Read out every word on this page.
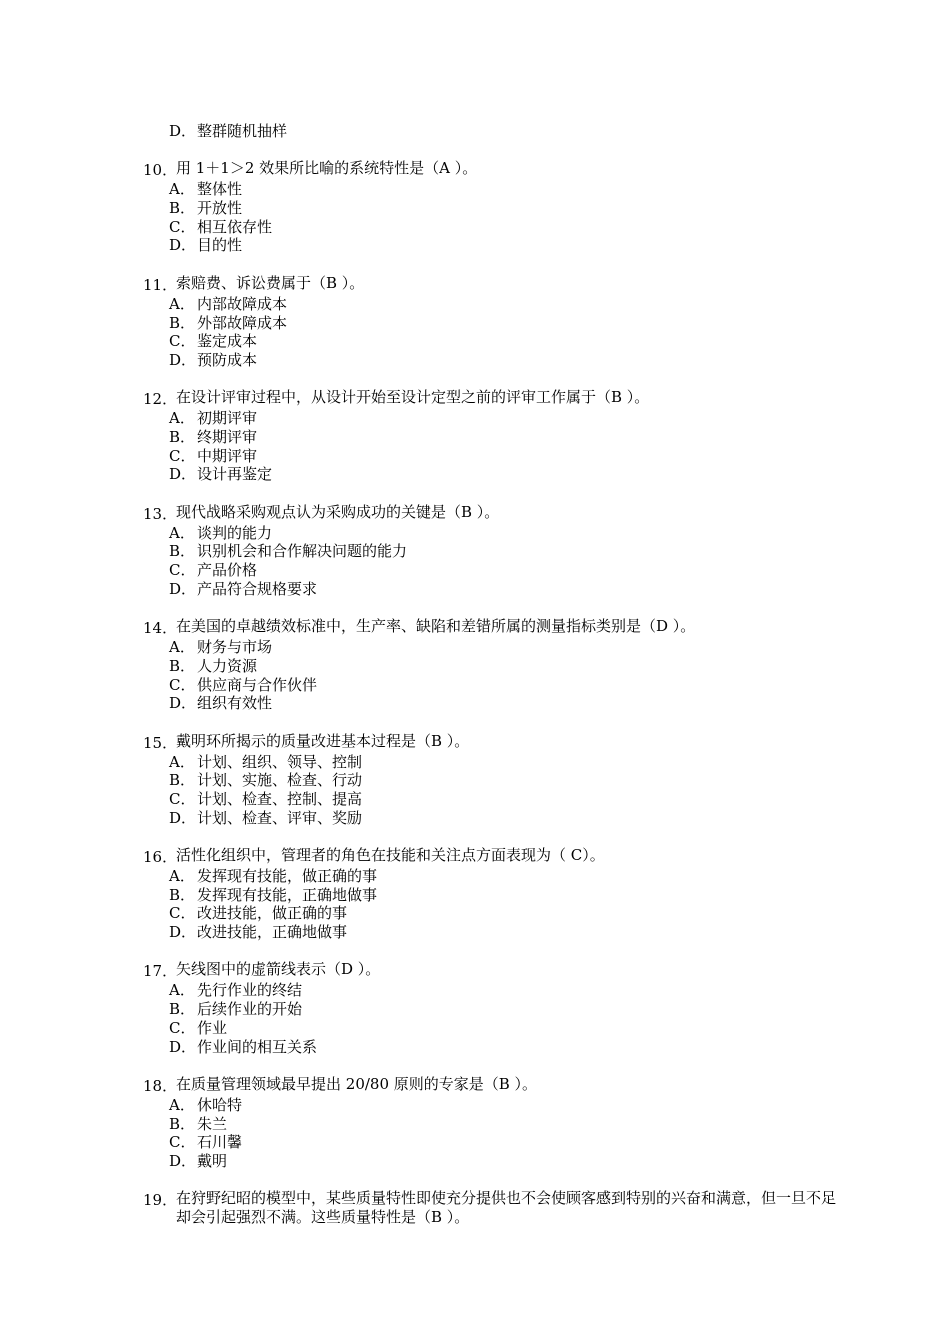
D． 整群随机抽样
10．
用 1＋1＞2 效果所比喻的系统特性是（A ）。
A． 整体性
B． 开放性
C． 相互依存性
D． 目的性
11．
索赔费、诉讼费属于（B ）。
A． 内部故障成本
B． 外部故障成本
C． 鉴定成本
D． 预防成本
12．
在设计评审过程中，从设计开始至设计定型之前的评审工作属于（B ）。
A． 初期评审
B． 终期评审
C． 中期评审
D． 设计再鉴定
13．
现代战略采购观点认为采购成功的关键是（B ）。
A． 谈判的能力
B． 识别机会和合作解决问题的能力
C． 产品价格
D． 产品符合规格要求
14．
在美国的卓越绩效标准中，生产率、缺陷和差错所属的测量指标类别是（D ）。
A． 财务与市场
B． 人力资源
C． 供应商与合作伙伴
D． 组织有效性
15．
戴明环所揭示的质量改进基本过程是（B ）。
A． 计划、组织、领导、控制
B． 计划、实施、检查、行动
C． 计划、检查、控制、提高
D． 计划、检查、评审、奖励
16．
活性化组织中，管理者的角色在技能和关注点方面表现为（ C）。
A． 发挥现有技能，做正确的事
B． 发挥现有技能，正确地做事
C． 改进技能，做正确的事
D． 改进技能，正确地做事
17．
矢线图中的虚箭线表示（D ）。
A． 先行作业的终结
B． 后续作业的开始
C． 作业
D． 作业间的相互关系
18．
在质量管理领域最早提出 20/80 原则的专家是（B ）。
A． 休哈特
B． 朱兰
C． 石川馨
D． 戴明
19．
在狩野纪昭的模型中，某些质量特性即使充分提供也不会使顾客感到特别的兴奋和满意，但一旦不足却会引起强烈不满。这些质量特性是（B ）。
